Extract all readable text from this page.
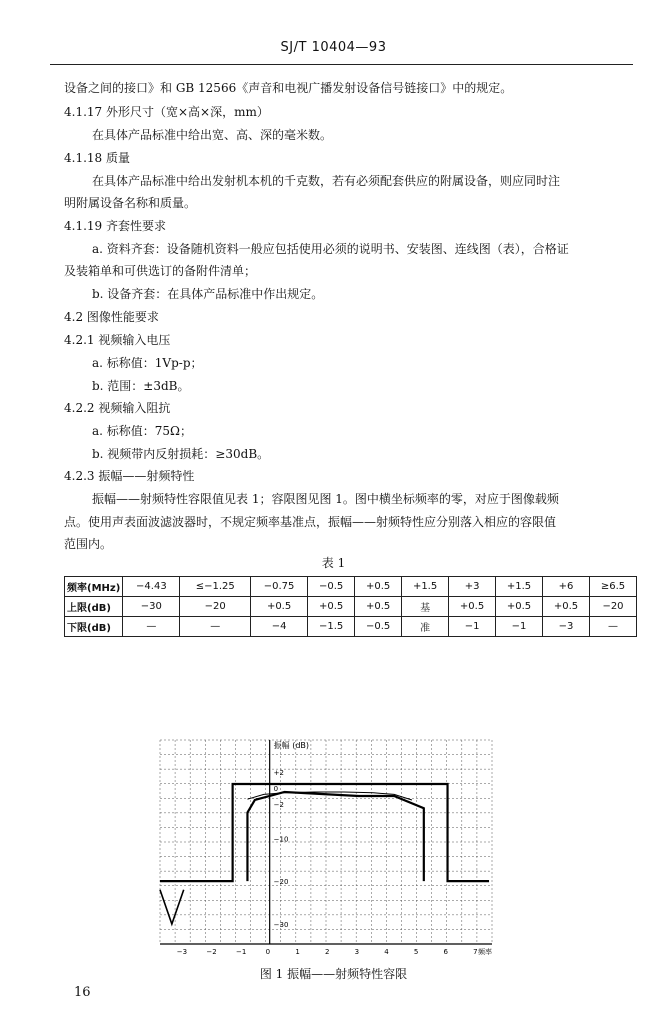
SJ/T 10404—93
设备之间的接口》和 GB 12566《声音和电视广播发射设备信号链接口》中的规定。
4.1.17 外形尺寸（宽×高×深，mm）
在具体产品标准中给出宽、高、深的毫米数。
4.1.18 质量
在具体产品标准中给出发射机本机的千克数，若有必须配套供应的附属设备，则应同时注
明附属设备名称和质量。
4.1.19 齐套性要求
a. 资料齐套：设备随机资料一般应包括使用必须的说明书、安装图、连线图（表），合格证
及装箱单和可供选订的备附件清单；
b. 设备齐套：在具体产品标准中作出规定。
4.2 图像性能要求
4.2.1 视频输入电压
a. 标称值：1Vp-p；
b. 范围：±3dB。
4.2.2 视频输入阻抗
a. 标称值：75Ω；
b. 视频带内反射损耗：≥30dB。
4.2.3 振幅——射频特性
振幅——射频特性容限值见表 1；容限图见图 1。图中横坐标频率的零，对应于图像载频
点。使用声表面波滤波器时，不规定频率基准点，振幅——射频特性应分别落入相应的容限值
范围内。
表 1
频率(MHz)	−4.43	≤−1.25	−0.75	−0.5	+0.5	+1.5	+3	+1.5	+6	≥6.5
上限(dB)	−30	−20	+0.5	+0.5	+0.5	基	+0.5	+0.5	+0.5	−20
下限(dB)	—	—	−4	−1.5	−0.5	准	−1	−1	−3	—
振幅 (dB)
+2
0
−2
−10
−20
−30
−3	−2	−1	0	1	2	3	4	5	6	7 频率
图 1 振幅——射频特性容限
16
